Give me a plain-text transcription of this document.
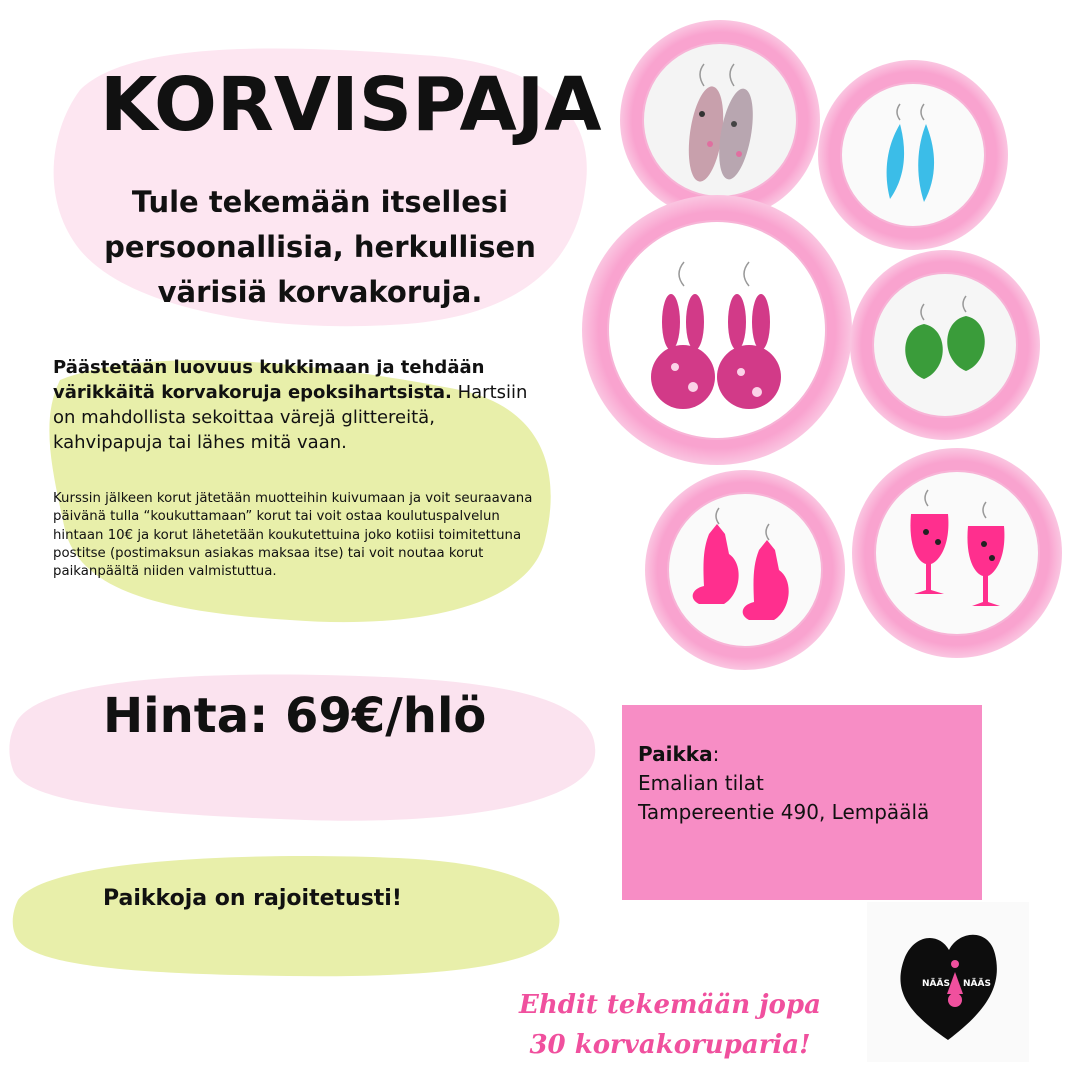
KORVISPAJA
Tule tekemään itsellesi persoonallisia, herkullisen värisiä korvakoruja.
Päästetään luovuus kukkimaan ja tehdään värikkäitä korvakoruja epoksihartsista. Hartsiin on mahdollista sekoittaa värejä glittereitä, kahvipapuja tai lähes mitä vaan.
Kurssin jälkeen korut jätetään muotteihin kuivumaan ja voit seuraavana päivänä tulla “koukuttamaan” korut tai voit ostaa koulutuspalvelun hintaan 10€ ja korut lähetetään koukutettuina joko kotiisi toimitettuna postitse (postimaksun asiakas maksaa itse) tai voit noutaa korut paikanpäältä niiden valmistuttua.
Hinta: 69€/hlö
Paikkoja on rajoitetusti!
Paikka:
Emalian tilat
Tampereentie 490, Lempäälä
Ehdit tekemään jopa
30 korvakoruparia!
NÄÄS NÄÄS
